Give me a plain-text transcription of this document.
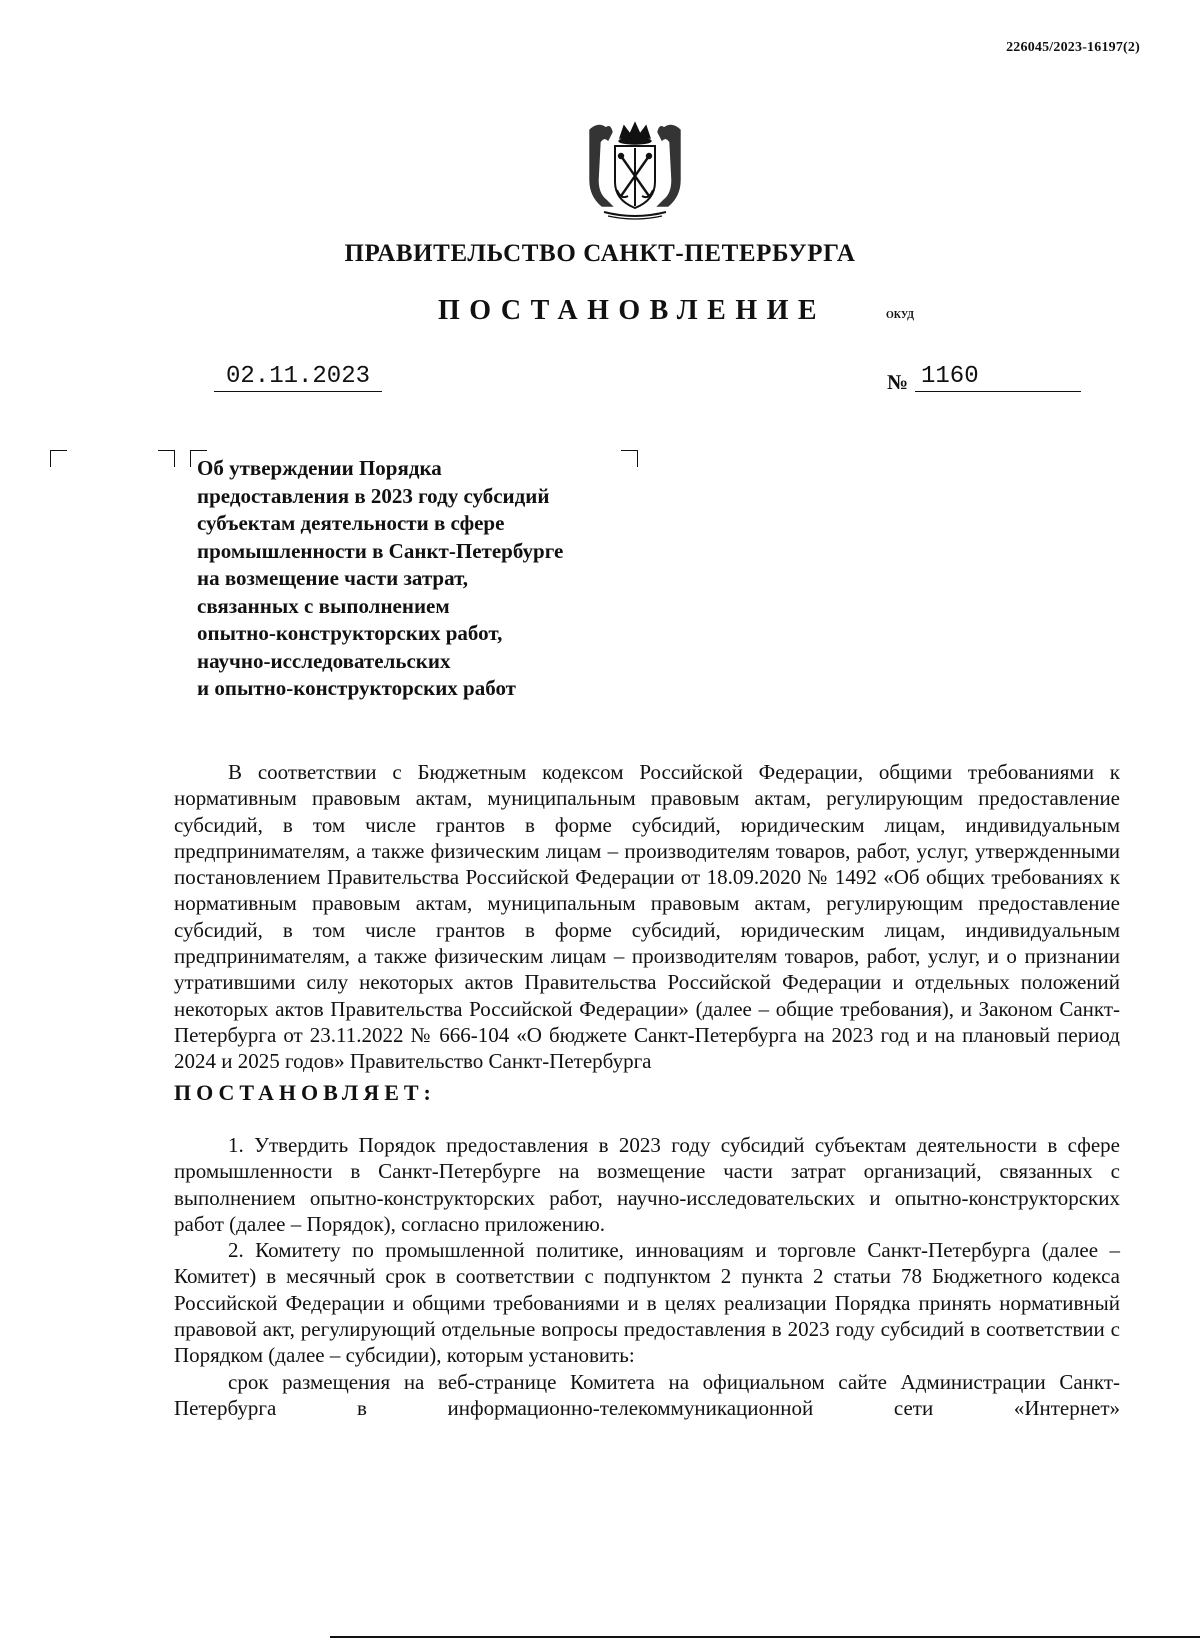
226045/2023-16197(2)
ПРАВИТЕЛЬСТВО САНКТ-ПЕТЕРБУРГА
ПОСТАНОВЛЕНИЕ	ОКУД
02.11.2023	№ 1160
Об утверждении Порядка
предоставления в 2023 году субсидий
субъектам деятельности в сфере
промышленности в Санкт-Петербурге
на возмещение части затрат,
связанных с выполнением
опытно-конструкторских работ,
научно-исследовательских
и опытно-конструкторских работ

В соответствии с Бюджетным кодексом Российской Федерации, общими требованиями к нормативным правовым актам, муниципальным правовым актам, регулирующим предоставление субсидий, в том числе грантов в форме субсидий, юридическим лицам, индивидуальным предпринимателям, а также физическим лицам – производителям товаров, работ, услуг, утвержденными постановлением Правительства Российской Федерации от 18.09.2020 № 1492 «Об общих требованиях к нормативным правовым актам, муниципальным правовым актам, регулирующим предоставление субсидий, в том числе грантов в форме субсидий, юридическим лицам, индивидуальным предпринимателям, а также физическим лицам – производителям товаров, работ, услуг, и о признании утратившими силу некоторых актов Правительства Российской Федерации и отдельных положений некоторых актов Правительства Российской Федерации» (далее – общие требования), и Законом Санкт-Петербурга от 23.11.2022 № 666-104 «О бюджете Санкт-Петербурга на 2023 год и на плановый период 2024 и 2025 годов» Правительство Санкт-Петербурга

ПОСТАНОВЛЯЕТ:

1. Утвердить Порядок предоставления в 2023 году субсидий субъектам деятельности в сфере промышленности в Санкт-Петербурге на возмещение части затрат организаций, связанных с выполнением опытно-конструкторских работ, научно-исследовательских и опытно-конструкторских работ (далее – Порядок), согласно приложению.

2. Комитету по промышленной политике, инновациям и торговле Санкт-Петербурга (далее – Комитет) в месячный срок в соответствии с подпунктом 2 пункта 2 статьи 78 Бюджетного кодекса Российской Федерации и общими требованиями и в целях реализации Порядка принять нормативный правовой акт, регулирующий отдельные вопросы предоставления в 2023 году субсидий в соответствии с Порядком (далее – субсидии), которым установить:

срок размещения на веб-странице Комитета на официальном сайте Администрации Санкт-Петербурга в информационно-телекоммуникационной сети «Интернет»
